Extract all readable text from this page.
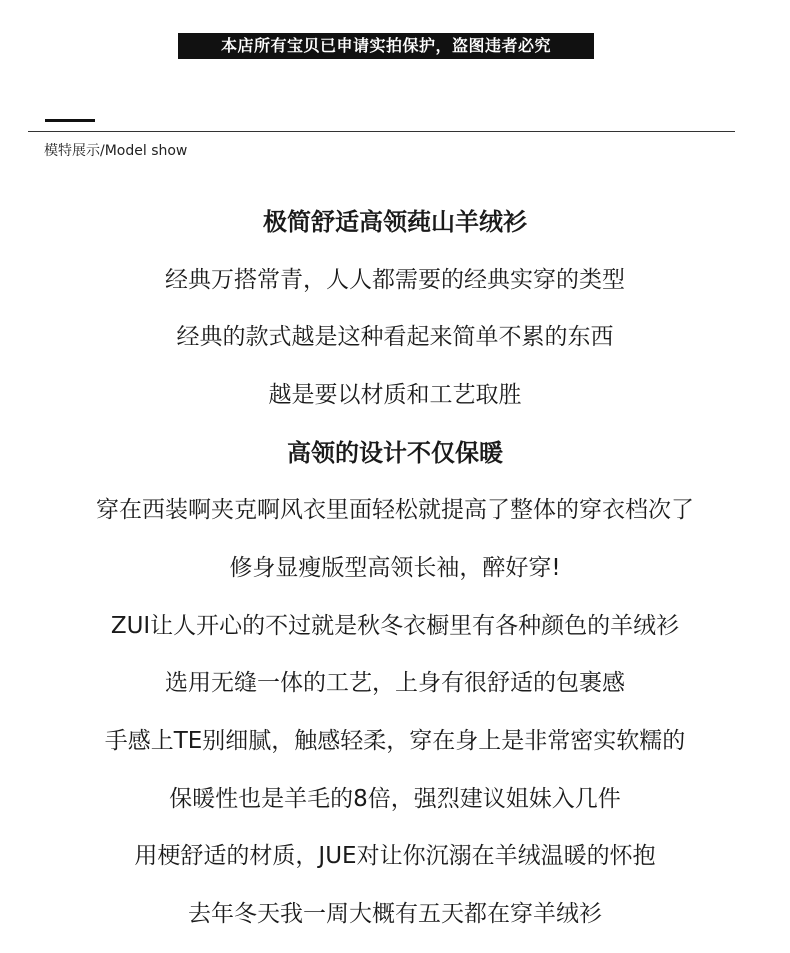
本店所有宝贝已申请实拍保护，盗图违者必究
模特展示/Model show
极简舒适高领莼山羊绒衫
经典万搭常青，人人都需要的经典实穿的类型
经典的款式越是这种看起来简单不累的东西
越是要以材质和工艺取胜
高领的设计不仅保暖
穿在西装啊夹克啊风衣里面轻松就提高了整体的穿衣档次了
修身显瘦版型高领长袖，醉好穿!
ZUI让人开心的不过就是秋冬衣橱里有各种颜色的羊绒衫
选用无缝一体的工艺，上身有很舒适的包裹感
手感上TE别细腻，触感轻柔，穿在身上是非常密实软糯的
保暖性也是羊毛的8倍，强烈建议姐妹入几件
用梗舒适的材质，JUE对让你沉溺在羊绒温暖的怀抱
去年冬天我一周大概有五天都在穿羊绒衫
